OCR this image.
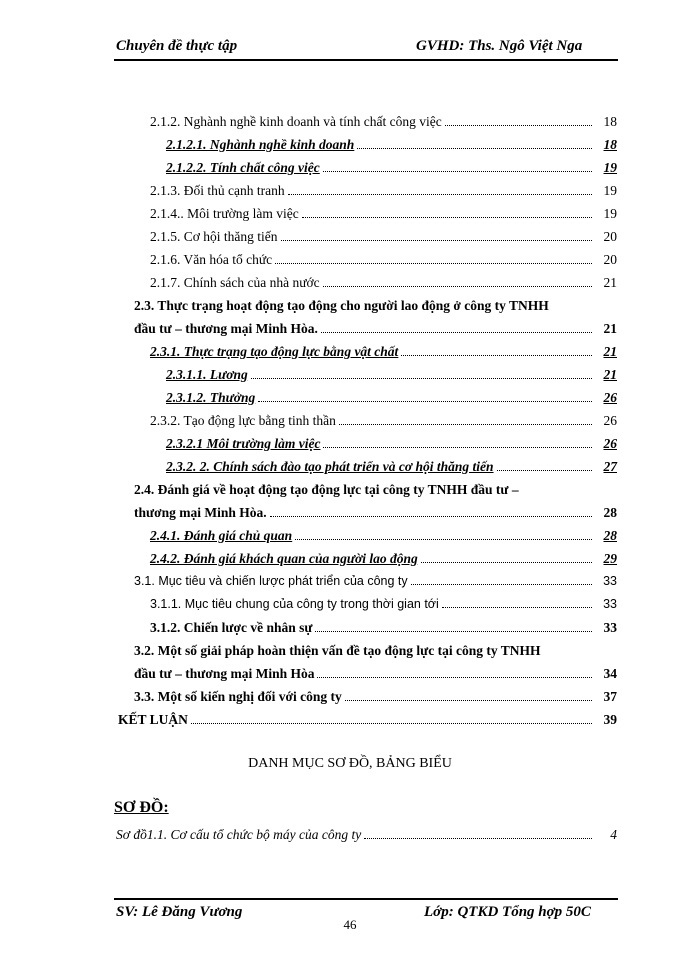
Chuyên đề thực tập	GVHD: Ths. Ngô Việt Nga
2.1.2. Nghành nghề kinh doanh và tính chất công việc	18
2.1.2.1. Nghành nghề kinh doanh	18
2.1.2.2. Tính chất công việc	19
2.1.3. Đối thủ cạnh tranh	19
2.1.4.. Môi trường làm việc	19
2.1.5. Cơ hội thăng tiến	20
2.1.6. Văn hóa tổ chức	20
2.1.7. Chính sách của nhà nước	21
2.3. Thực trạng hoạt động tạo động cho người lao động ở công ty TNHH
đầu tư – thương mại Minh Hòa.	21
2.3.1. Thực trạng tạo động lực bằng vật chất	21
2.3.1.1. Lương	21
2.3.1.2. Thưởng	26
2.3.2. Tạo động lực bằng tinh thần	26
2.3.2.1 Môi trường làm việc	26
2.3.2. 2. Chính sách đào tạo phát triển và cơ hội thăng tiến	27
2.4. Đánh giá về hoạt động tạo động lực tại công ty TNHH đầu tư –
thương mại Minh Hòa.	28
2.4.1. Đánh giá chủ quan	28
2.4.2. Đánh giá khách quan của người lao động	29
3.1. Mục tiêu và chiến lược phát triển của công ty	33
3.1.1. Mục tiêu chung của công ty trong thời gian tới	33
3.1.2. Chiến lược về nhân sự	33
3.2. Một số giải pháp hoàn thiện vấn đề tạo động lực tại công ty TNHH
đầu tư – thương mại Minh Hòa	34
3.3. Một số kiến nghị đối với công ty	37
KẾT LUẬN	39
DANH MỤC SƠ ĐỒ, BẢNG BIỂU
SƠ ĐỒ:
Sơ đồ1.1. Cơ cấu tổ chức bộ máy của công ty	4
SV: Lê Đăng Vương	Lớp: QTKD Tổng hợp 50C
46
